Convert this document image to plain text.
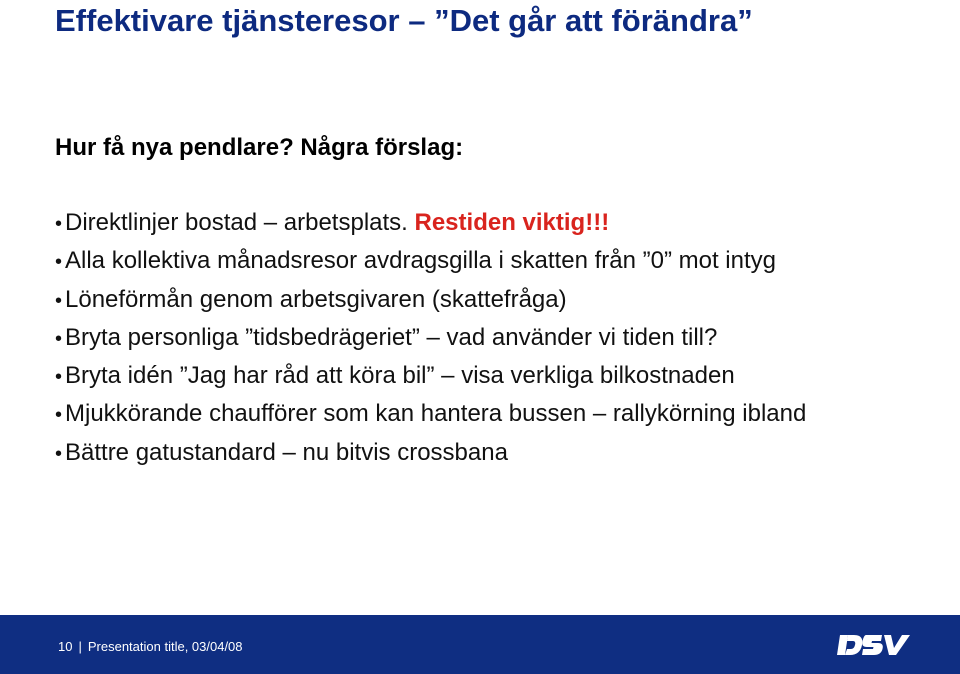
Effektivare tjänsteresor – ”Det går att förändra”
Hur få nya pendlare? Några förslag:
• Direktlinjer bostad – arbetsplats. Restiden viktig!!!
• Alla kollektiva månadsresor avdragsgilla i skatten från ”0” mot intyg
• Löneförmån genom arbetsgivaren (skattefråga)
• Bryta personliga ”tidsbedrägeriet” – vad använder vi tiden till?
• Bryta idén ”Jag har råd att köra bil” – visa verkliga bilkostnaden
• Mjukkörande chaufförer som kan hantera bussen – rallykörning ibland
• Bättre gatustandard – nu bitvis crossbana
10 | Presentation title, 03/04/08
